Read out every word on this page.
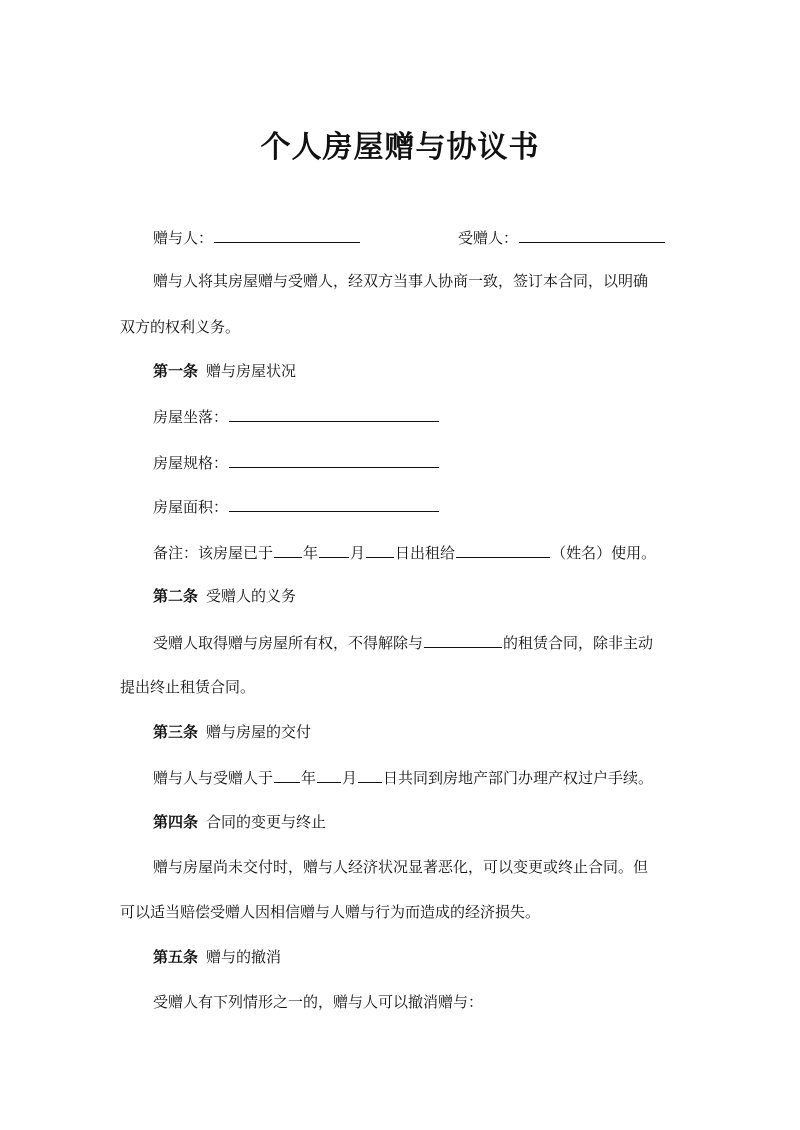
个人房屋赠与协议书
赠与人：	受赠人：
赠与人将其房屋赠与受赠人，经双方当事人协商一致，签订本合同，以明确
双方的权利义务。
第一条 赠与房屋状况
房屋坐落：
房屋规格：
房屋面积：
备注：该房屋已于 年 月 日出租给	（姓名）使用。
第二条 受赠人的义务
受赠人取得赠与房屋所有权，不得解除与	的租赁合同，除非主动
提出终止租赁合同。
第三条 赠与房屋的交付
赠与人与受赠人于 年 月 日共同到房地产部门办理产权过户手续。
第四条 合同的变更与终止
赠与房屋尚未交付时，赠与人经济状况显著恶化，可以变更或终止合同。但
可以适当赔偿受赠人因相信赠与人赠与行为而造成的经济损失。
第五条 赠与的撤消
受赠人有下列情形之一的，赠与人可以撤消赠与：
